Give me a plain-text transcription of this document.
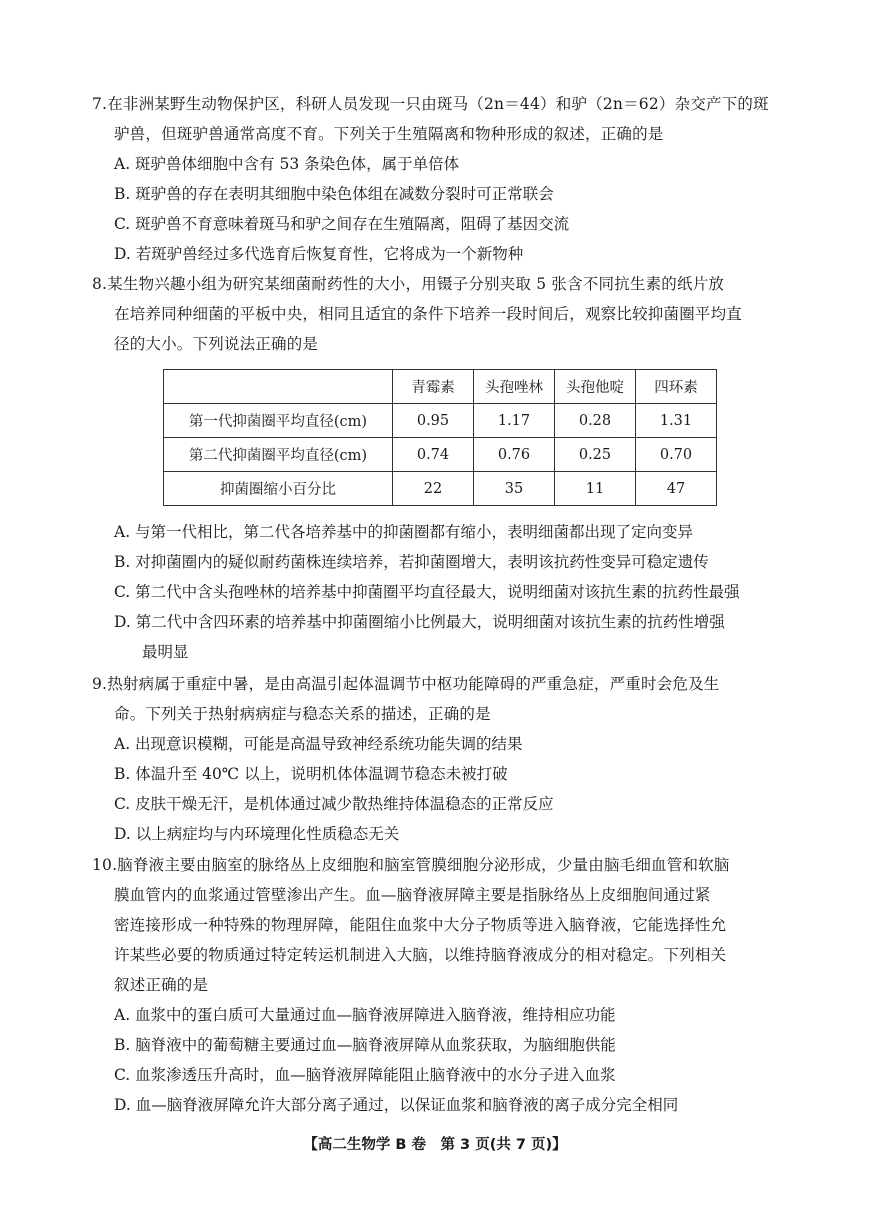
7.在非洲某野生动物保护区，科研人员发现一只由斑马（2n＝44）和驴（2n＝62）杂交产下的斑
驴兽，但斑驴兽通常高度不育。下列关于生殖隔离和物种形成的叙述，正确的是
A. 斑驴兽体细胞中含有 53 条染色体，属于单倍体
B. 斑驴兽的存在表明其细胞中染色体组在减数分裂时可正常联会
C. 斑驴兽不育意味着斑马和驴之间存在生殖隔离，阻碍了基因交流
D. 若斑驴兽经过多代选育后恢复育性，它将成为一个新物种
8.某生物兴趣小组为研究某细菌耐药性的大小，用镊子分别夹取 5 张含不同抗生素的纸片放
在培养同种细菌的平板中央，相同且适宜的条件下培养一段时间后，观察比较抑菌圈平均直
径的大小。下列说法正确的是
	青霉素	头孢唑林	头孢他啶	四环素
第一代抑菌圈平均直径(cm)	0.95	1.17	0.28	1.31
第二代抑菌圈平均直径(cm)	0.74	0.76	0.25	0.70
抑菌圈缩小百分比	22	35	11	47
A. 与第一代相比，第二代各培养基中的抑菌圈都有缩小，表明细菌都出现了定向变异
B. 对抑菌圈内的疑似耐药菌株连续培养，若抑菌圈增大，表明该抗药性变异可稳定遗传
C. 第二代中含头孢唑林的培养基中抑菌圈平均直径最大，说明细菌对该抗生素的抗药性最强
D. 第二代中含四环素的培养基中抑菌圈缩小比例最大，说明细菌对该抗生素的抗药性增强
最明显
9.热射病属于重症中暑，是由高温引起体温调节中枢功能障碍的严重急症，严重时会危及生
命。下列关于热射病病症与稳态关系的描述，正确的是
A. 出现意识模糊，可能是高温导致神经系统功能失调的结果
B. 体温升至 40℃ 以上，说明机体体温调节稳态未被打破
C. 皮肤干燥无汗，是机体通过减少散热维持体温稳态的正常反应
D. 以上病症均与内环境理化性质稳态无关
10.脑脊液主要由脑室的脉络丛上皮细胞和脑室管膜细胞分泌形成，少量由脑毛细血管和软脑
膜血管内的血浆通过管壁渗出产生。血—脑脊液屏障主要是指脉络丛上皮细胞间通过紧
密连接形成一种特殊的物理屏障，能阻住血浆中大分子物质等进入脑脊液，它能选择性允
许某些必要的物质通过特定转运机制进入大脑，以维持脑脊液成分的相对稳定。下列相关
叙述正确的是
A. 血浆中的蛋白质可大量通过血—脑脊液屏障进入脑脊液，维持相应功能
B. 脑脊液中的葡萄糖主要通过血—脑脊液屏障从血浆获取，为脑细胞供能
C. 血浆渗透压升高时，血—脑脊液屏障能阻止脑脊液中的水分子进入血浆
D. 血—脑脊液屏障允许大部分离子通过，以保证血浆和脑脊液的离子成分完全相同
【高二生物学 B 卷　第 3 页(共 7 页)】
